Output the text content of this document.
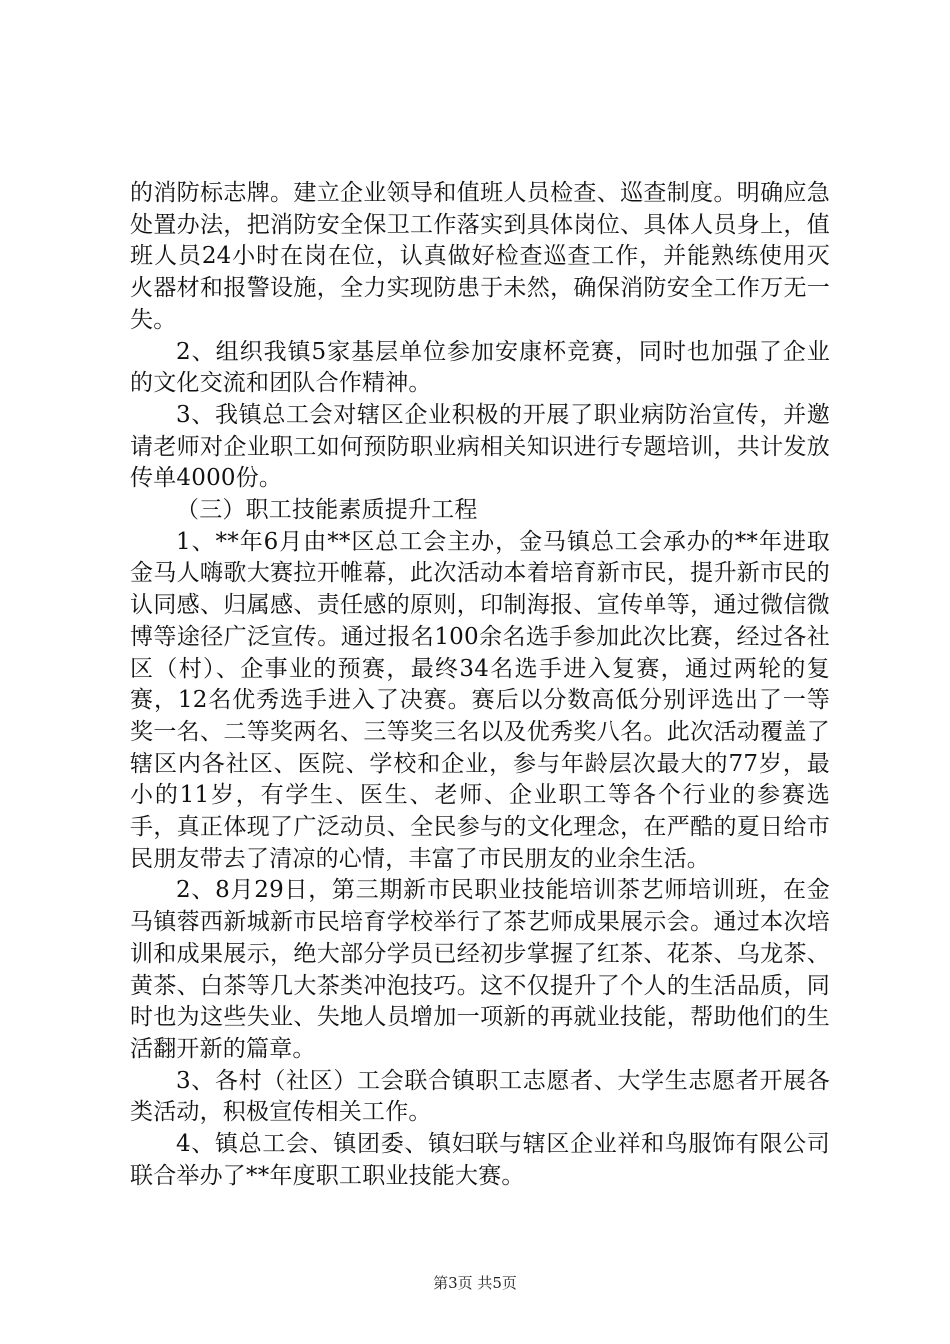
的消防标志牌。建立企业领导和值班人员检查、巡查制度。明确应急处置办法，把消防安全保卫工作落实到具体岗位、具体人员身上，值班人员24小时在岗在位，认真做好检查巡查工作，并能熟练使用灭火器材和报警设施，全力实现防患于未然，确保消防安全工作万无一失。

2、组织我镇5家基层单位参加安康杯竞赛，同时也加强了企业的文化交流和团队合作精神。

3、我镇总工会对辖区企业积极的开展了职业病防治宣传，并邀请老师对企业职工如何预防职业病相关知识进行专题培训，共计发放传单4000份。

（三）职工技能素质提升工程

1、**年6月由**区总工会主办，金马镇总工会承办的**年进取金马人嗨歌大赛拉开帷幕，此次活动本着培育新市民，提升新市民的认同感、归属感、责任感的原则，印制海报、宣传单等，通过微信微博等途径广泛宣传。通过报名100余名选手参加此次比赛，经过各社区（村）、企事业的预赛，最终34名选手进入复赛，通过两轮的复赛，12名优秀选手进入了决赛。赛后以分数高低分别评选出了一等奖一名、二等奖两名、三等奖三名以及优秀奖八名。此次活动覆盖了辖区内各社区、医院、学校和企业，参与年龄层次最大的77岁，最小的11岁，有学生、医生、老师、企业职工等各个行业的参赛选手，真正体现了广泛动员、全民参与的文化理念，在严酷的夏日给市民朋友带去了清凉的心情，丰富了市民朋友的业余生活。

2、8月29日，第三期新市民职业技能培训茶艺师培训班，在金马镇蓉西新城新市民培育学校举行了茶艺师成果展示会。通过本次培训和成果展示，绝大部分学员已经初步掌握了红茶、花茶、乌龙茶、黄茶、白茶等几大茶类冲泡技巧。这不仅提升了个人的生活品质，同时也为这些失业、失地人员增加一项新的再就业技能，帮助他们的生活翻开新的篇章。

3、各村（社区）工会联合镇职工志愿者、大学生志愿者开展各类活动，积极宣传相关工作。

4、镇总工会、镇团委、镇妇联与辖区企业祥和鸟服饰有限公司联合举办了**年度职工职业技能大赛。

第3页 共5页
